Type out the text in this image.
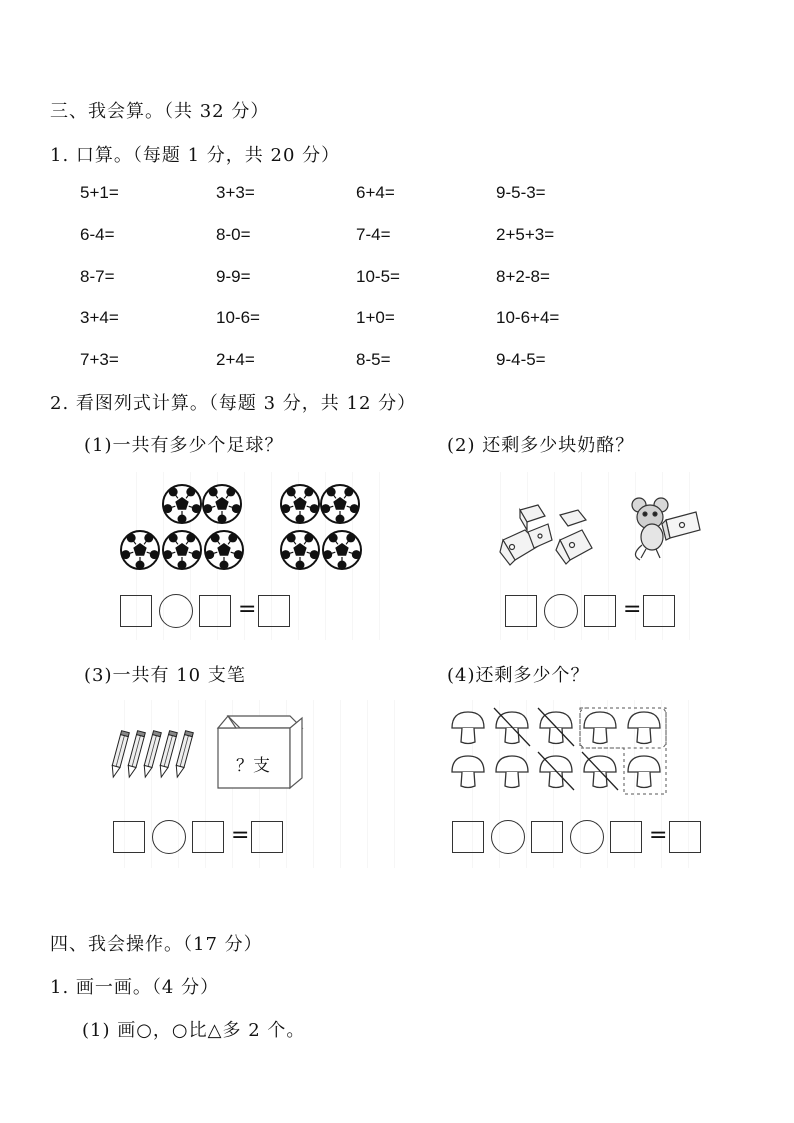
三、我会算。（共 32 分）
1. 口算。（每题 1 分，共 20 分）
5+1=	3+3=	6+4=	9-5-3=
6-4=	8-0=	7-4=	2+5+3=
8-7=	9-9=	10-5=	8+2-8=
3+4=	10-6=	1+0=	10-6+4=
7+3=	2+4=	8-5=	9-4-5=
2. 看图列式计算。（每题 3 分，共 12 分）
(1)一共有多少个足球？	(2) 还剩多少块奶酪？
(3)一共有 10 支笔	(4)还剩多少个？
？支
=	=
=	=
四、我会操作。（17 分）
1. 画一画。（4 分）
(1) 画○，○比△多 2 个。
